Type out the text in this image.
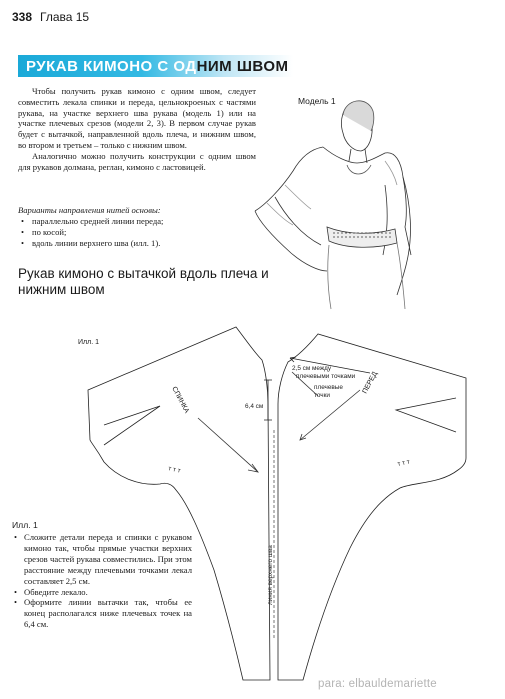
338 Глава 15
РУКАВ КИМОНО С ОДНИМ ШВОМ

Чтобы получить рукав кимоно с одним швом, следует совместить лекала спинки и переда, цельнокроеных с частями рукава, на участке верхнего шва рукава (модель 1) или на участке плечевых срезов (модели 2, 3). В первом случае рукав будет с вытачкой, направленной вдоль плеча, и нижним швом, во втором и третьем – только с нижним швом.

Аналогично можно получить конструкции с одним швом для рукавов долмана, реглан, кимоно с ластовицей.

Варианты направления нитей основы:
• параллельно средней линии переда;
• по косой;
• вдоль линии верхнего шва (илл. 1).
Модель 1
Рукав кимоно с вытачкой вдоль плеча и нижним швом
Илл. 1
СПИНКА
ПЕРЕД
2,5 см между
плечевыми точками
плечевые
точки
6,4 см
линия верхнего шва
т т т
т т т
Илл. 1
• Сложите детали переда и спинки с рукавом кимоно так, чтобы прямые участки верхних срезов частей рукава совместились. При этом расстояние между плечевыми точками лекал составляет 2,5 см.
• Обведите лекало.
• Оформите линии вытачки так, чтобы ее конец располагался ниже плечевых точек на 6,4 см.
para: elbauldemariette
